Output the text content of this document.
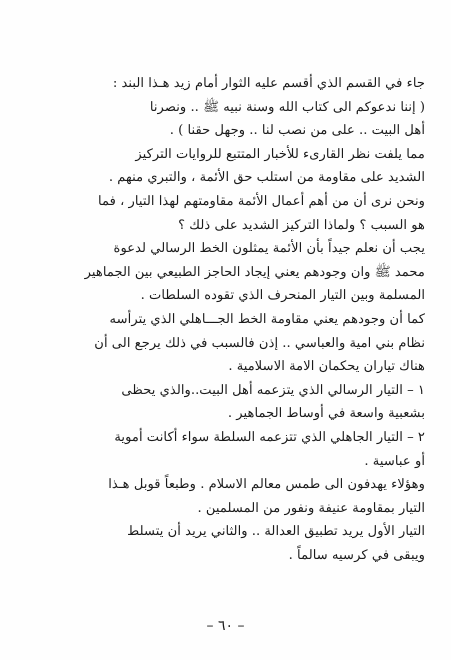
جاء في القسم الذي أقسم عليه الثوار أمام زيد هـذا البند :
( إننا ندعوكم الى كتاب الله وسنة نبيه ﷺ .. ونصرنا
أهل البيت .. على من نصب لنا .. وجهل حقنا ) .
مما يلفت نظر القارىء للأخبار المتتبع للروايات التركيز
الشديد على مقاومة من استلب حق الأئمة ، والتبري منهم .
ونحن نرى أن من أهم أعمال الأئمة مقاومتهم لهذا التيار ، فما
هو السبب ؟ ولماذا التركيز الشديد على ذلك ؟
يجب أن نعلم جيداً بأن الأئمة يمثلون الخط الرسالي لدعوة
محمد ﷺ وان وجودهم يعني إيجاد الحاجز الطبيعي بين الجماهير
المسلمة وبين التيار المنحرف الذي تقوده السلطات .
كما أن وجودهم يعني مقاومة الخط الجـــاهلي الذي يترأسه
نظام بني امية والعباسي .. إذن فالسبب في ذلك يرجع الى أن
هناك تياران يحكمان الامة الاسلامية .
١ – التيار الرسالي الذي يتزعمه أهل البيت..والذي يحظى
بشعبية واسعة في أوساط الجماهير .
٢ – التيار الجاهلي الذي تتزعمه السلطة سواء أكانت أموية
أو عباسية .
وهؤلاء يهدفون الى طمس معالم الاسلام . وطبعاً قوبل هـذا
التيار بمقاومة عنيفة ونفور من المسلمين .
التيار الأول يريد تطبيق العدالة .. والثاني يريد أن يتسلط
ويبقى في كرسيه سالماً .
– ٦٠ –
